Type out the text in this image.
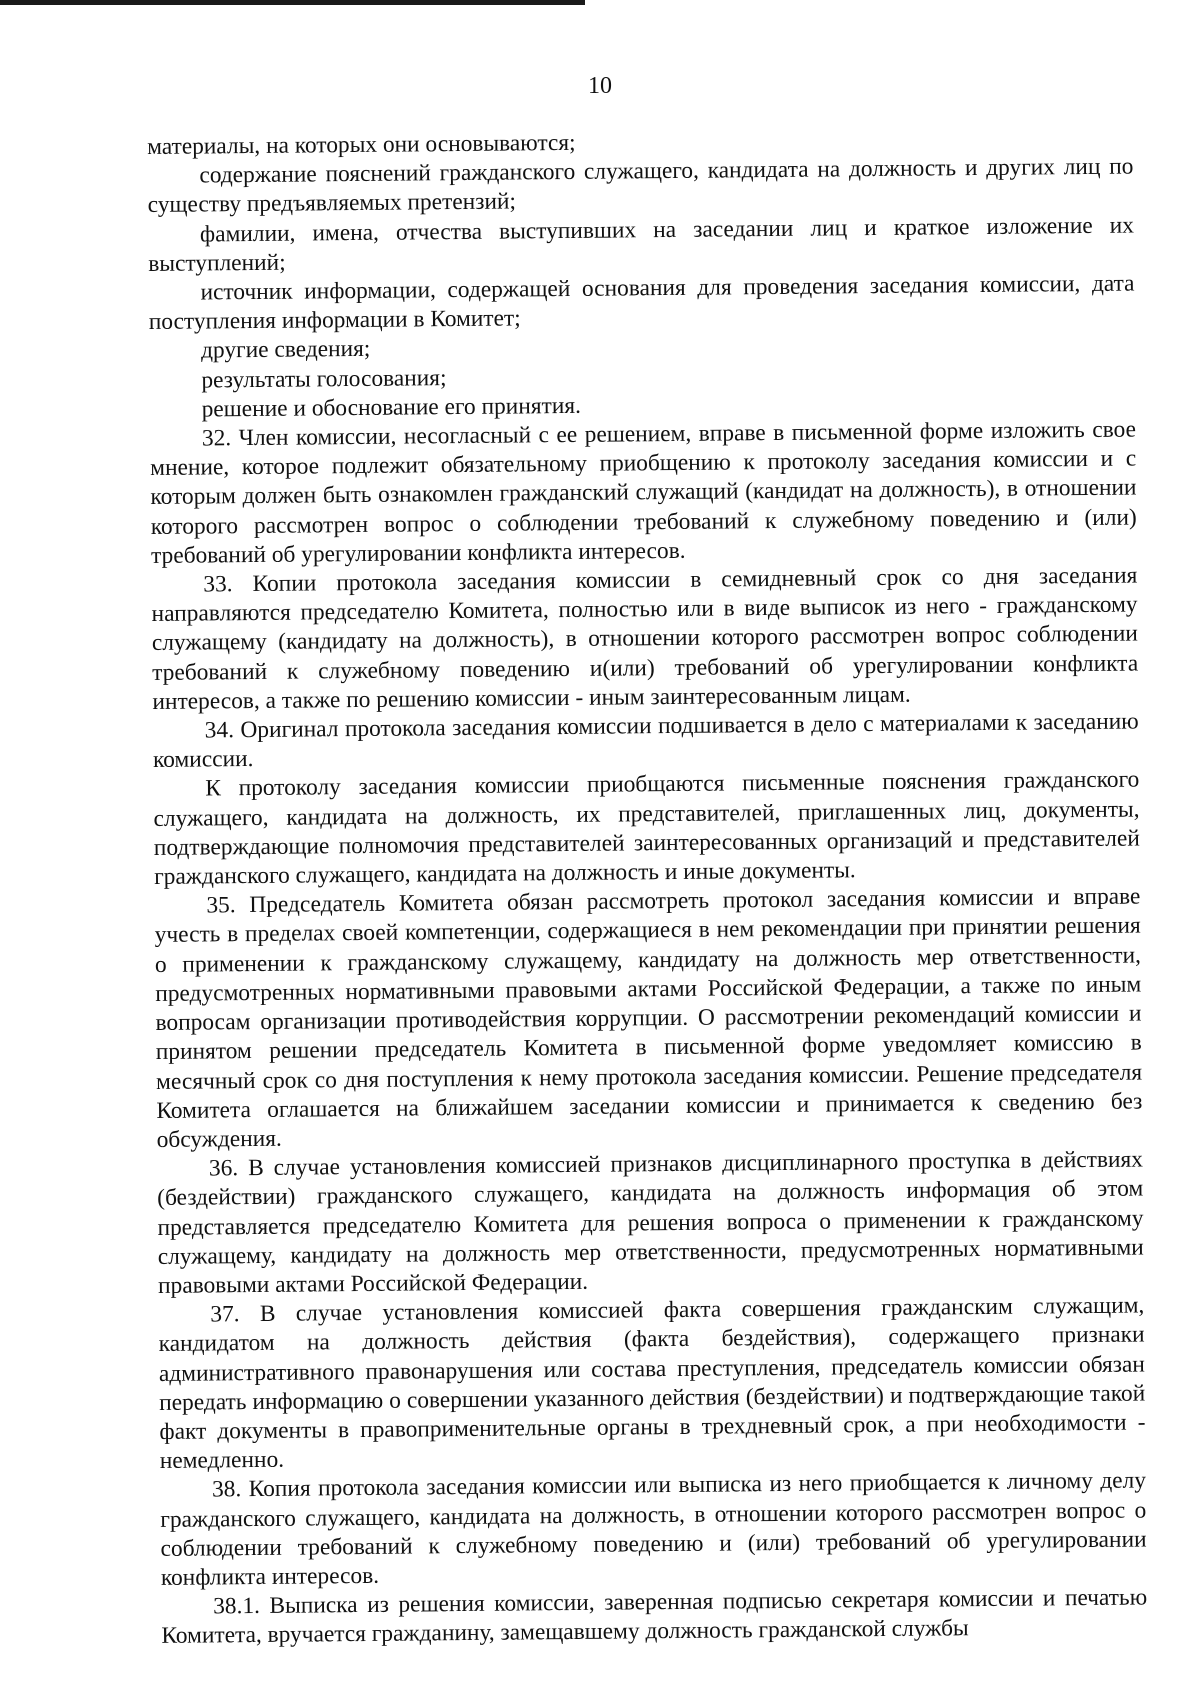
10

материалы, на которых они основываются;

содержание пояснений гражданского служащего, кандидата на должность и других лиц по существу предъявляемых претензий;

фамилии, имена, отчества выступивших на заседании лиц и краткое изложение их выступлений;

источник информации, содержащей основания для проведения заседания комиссии, дата поступления информации в Комитет;

другие сведения;

результаты голосования;

решение и обоснование его принятия.

32. Член комиссии, несогласный с ее решением, вправе в письменной форме изложить свое мнение, которое подлежит обязательному приобщению к протоколу заседания комиссии и с которым должен быть ознакомлен гражданский служащий (кандидат на должность), в отношении которого рассмотрен вопрос о соблюдении требований к служебному поведению и (или) требований об урегулировании конфликта интересов.

33. Копии протокола заседания комиссии в семидневный срок со дня заседания направляются председателю Комитета, полностью или в виде выписок из него - гражданскому служащему (кандидату на должность), в отношении которого рассмотрен вопрос соблюдении требований к служебному поведению и(или) требований об урегулировании конфликта интересов, а также по решению комиссии - иным заинтересованным лицам.

34. Оригинал протокола заседания комиссии подшивается в дело с материалами к заседанию комиссии.

К протоколу заседания комиссии приобщаются письменные пояснения гражданского служащего, кандидата на должность, их представителей, приглашенных лиц, документы, подтверждающие полномочия представителей заинтересованных организаций и представителей гражданского служащего, кандидата на должность и иные документы.

35. Председатель Комитета обязан рассмотреть протокол заседания комиссии и вправе учесть в пределах своей компетенции, содержащиеся в нем рекомендации при принятии решения о применении к гражданскому служащему, кандидату на должность мер ответственности, предусмотренных нормативными правовыми актами Российской Федерации, а также по иным вопросам организации противодействия коррупции. О рассмотрении рекомендаций комиссии и принятом решении председатель Комитета в письменной форме уведомляет комиссию в месячный срок со дня поступления к нему протокола заседания комиссии. Решение председателя Комитета оглашается на ближайшем заседании комиссии и принимается к сведению без обсуждения.

36. В случае установления комиссией признаков дисциплинарного проступка в действиях (бездействии) гражданского служащего, кандидата на должность информация об этом представляется председателю Комитета для решения вопроса о применении к гражданскому служащему, кандидату на должность мер ответственности, предусмотренных нормативными правовыми актами Российской Федерации.

37. В случае установления комиссией факта совершения гражданским служащим, кандидатом на должность действия (факта бездействия), содержащего признаки административного правонарушения или состава преступления, председатель комиссии обязан передать информацию о совершении указанного действия (бездействии) и подтверждающие такой факт документы в правоприменительные органы в трехдневный срок, а при необходимости - немедленно.

38. Копия протокола заседания комиссии или выписка из него приобщается к личному делу гражданского служащего, кандидата на должность, в отношении которого рассмотрен вопрос о соблюдении требований к служебному поведению и (или) требований об урегулировании конфликта интересов.

38.1. Выписка из решения комиссии, заверенная подписью секретаря комиссии и печатью Комитета, вручается гражданину, замещавшему должность гражданской службы
